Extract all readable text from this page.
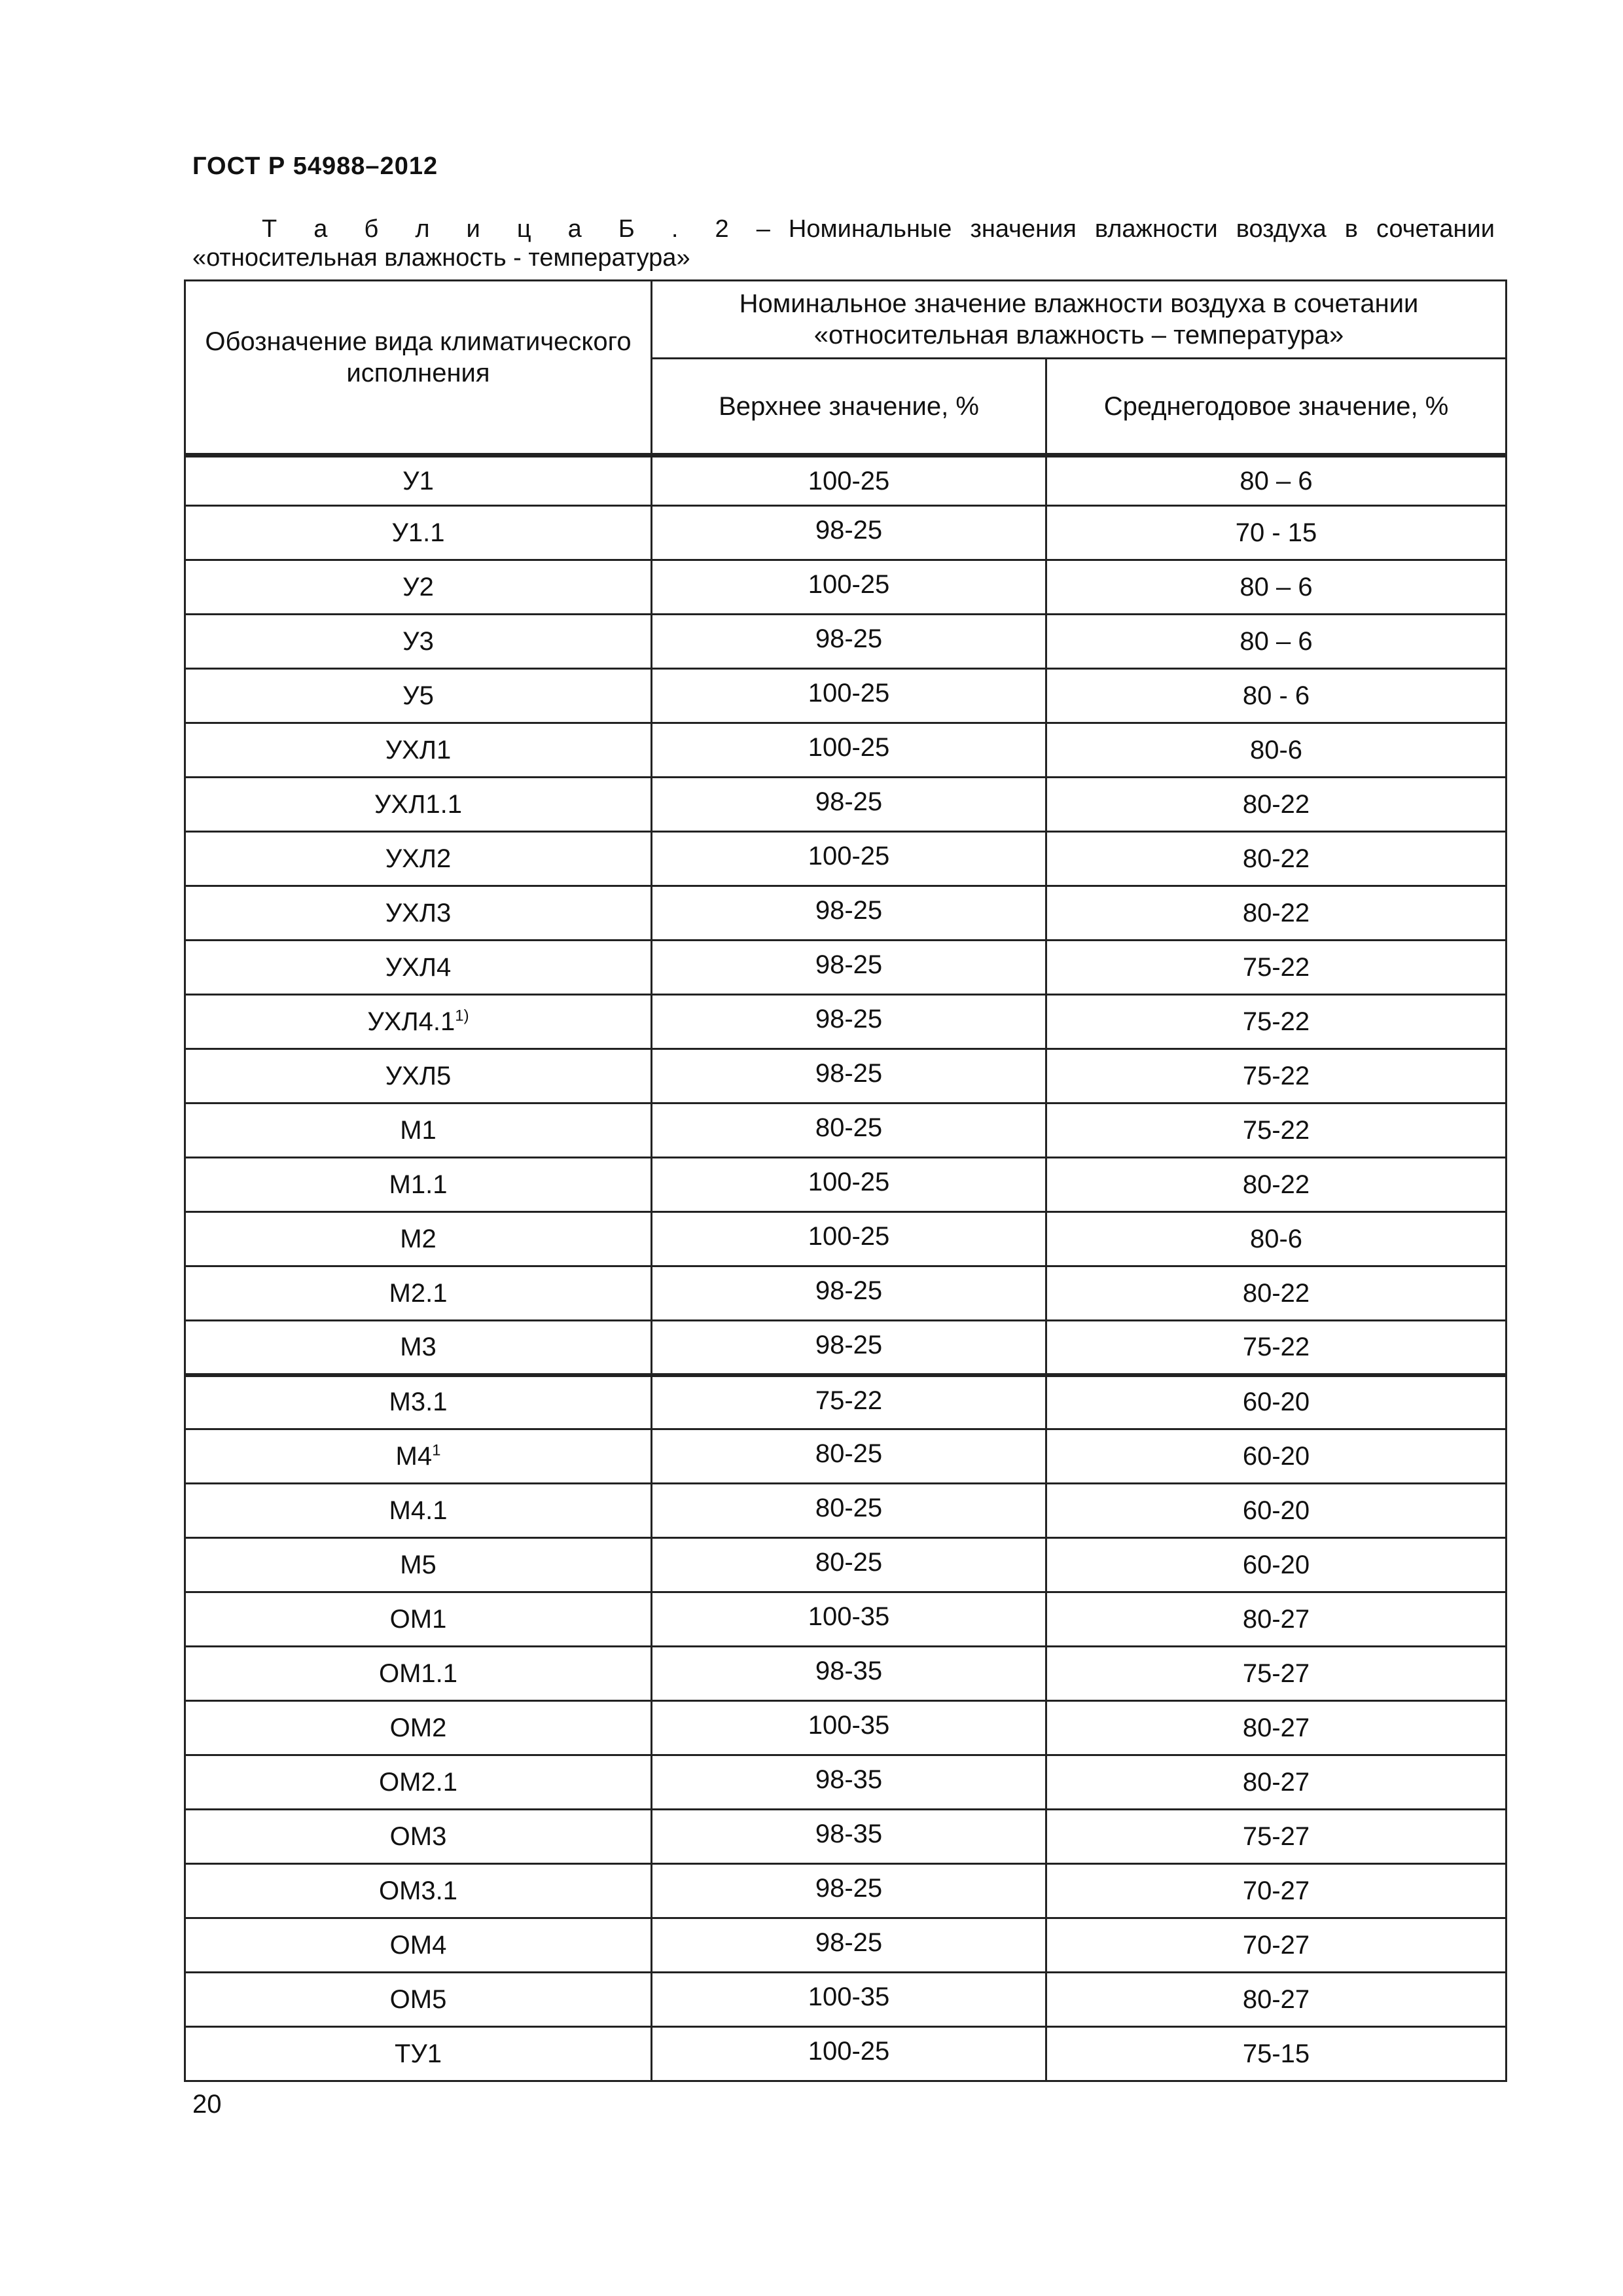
ГОСТ Р 54988–2012
Т а б л и ц а Б . 2 – Номинальные значения влажности воздуха в сочетании «относительная влажность - температура»
Обозначение вида климатического исполнения	Номинальное значение влажности воздуха в сочетании «относительная влажность – температура»	
	Верхнее значение, %	Среднегодовое значение, %
У1	100-25	80 – 6
У1.1	98-25	70 - 15
У2	100-25	80 – 6
У3	98-25	80 – 6
У5	100-25	80 - 6
УХЛ1	100-25	80-6
УХЛ1.1	98-25	80-22
УХЛ2	100-25	80-22
УХЛ3	98-25	80-22
УХЛ4	98-25	75-22
УХЛ4.1$^{1)}$	98-25	75-22
УХЛ5	98-25	75-22
М1	80-25	75-22
М1.1	100-25	80-22
М2	100-25	80-6
М2.1	98-25	80-22
М3	98-25	75-22
М3.1	75-22	60-20
$М4^1$	80-25	60-20
М4.1	80-25	60-20
М5	80-25	60-20
ОМ1	100-35	80-27
ОМ1.1	98-35	75-27
ОМ2	100-35	80-27
ОМ2.1	98-35	80-27
ОМ3	98-35	75-27
ОМ3.1	98-25	70-27
ОМ4	98-25	70-27
ОМ5	100-35	80-27
ТУ1	100-25	75-15
20
